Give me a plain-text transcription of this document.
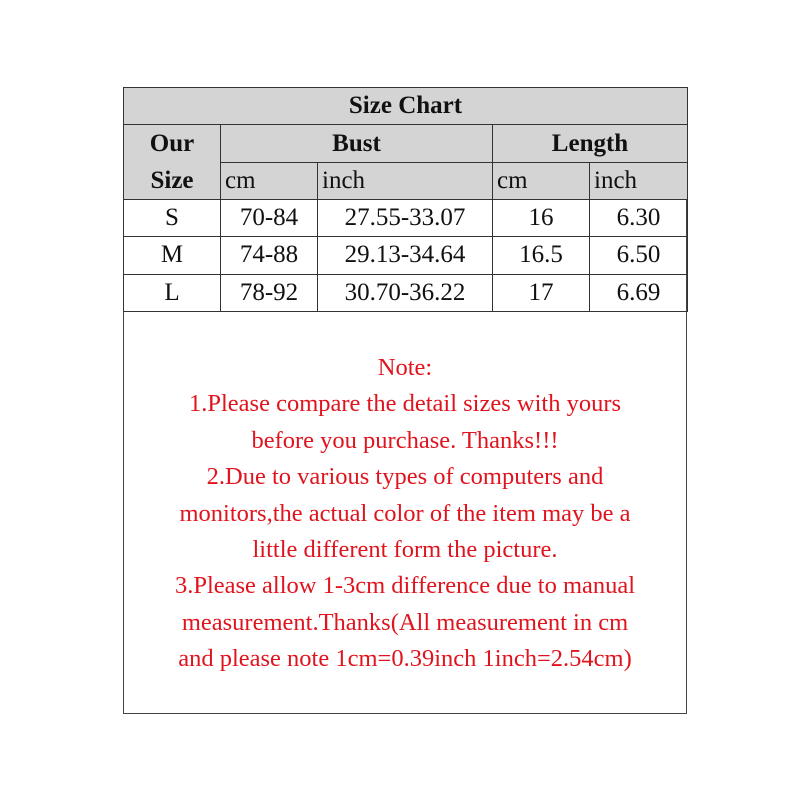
Size Chart
Our
Size
Bust	Length
cm	inch	cm	inch
S	70-84	27.55-33.07	16	6.30
M	74-88	29.13-34.64	16.5	6.50
L	78-92	30.70-36.22	17	6.69
Note:
1.Please compare the detail sizes with yours
before you purchase. Thanks!!!
2.Due to various types of computers and
monitors,the actual color of the item may be a
little different form the picture.
3.Please allow 1-3cm difference due to manual
measurement.Thanks(All measurement in cm
and please note 1cm=0.39inch 1inch=2.54cm)
